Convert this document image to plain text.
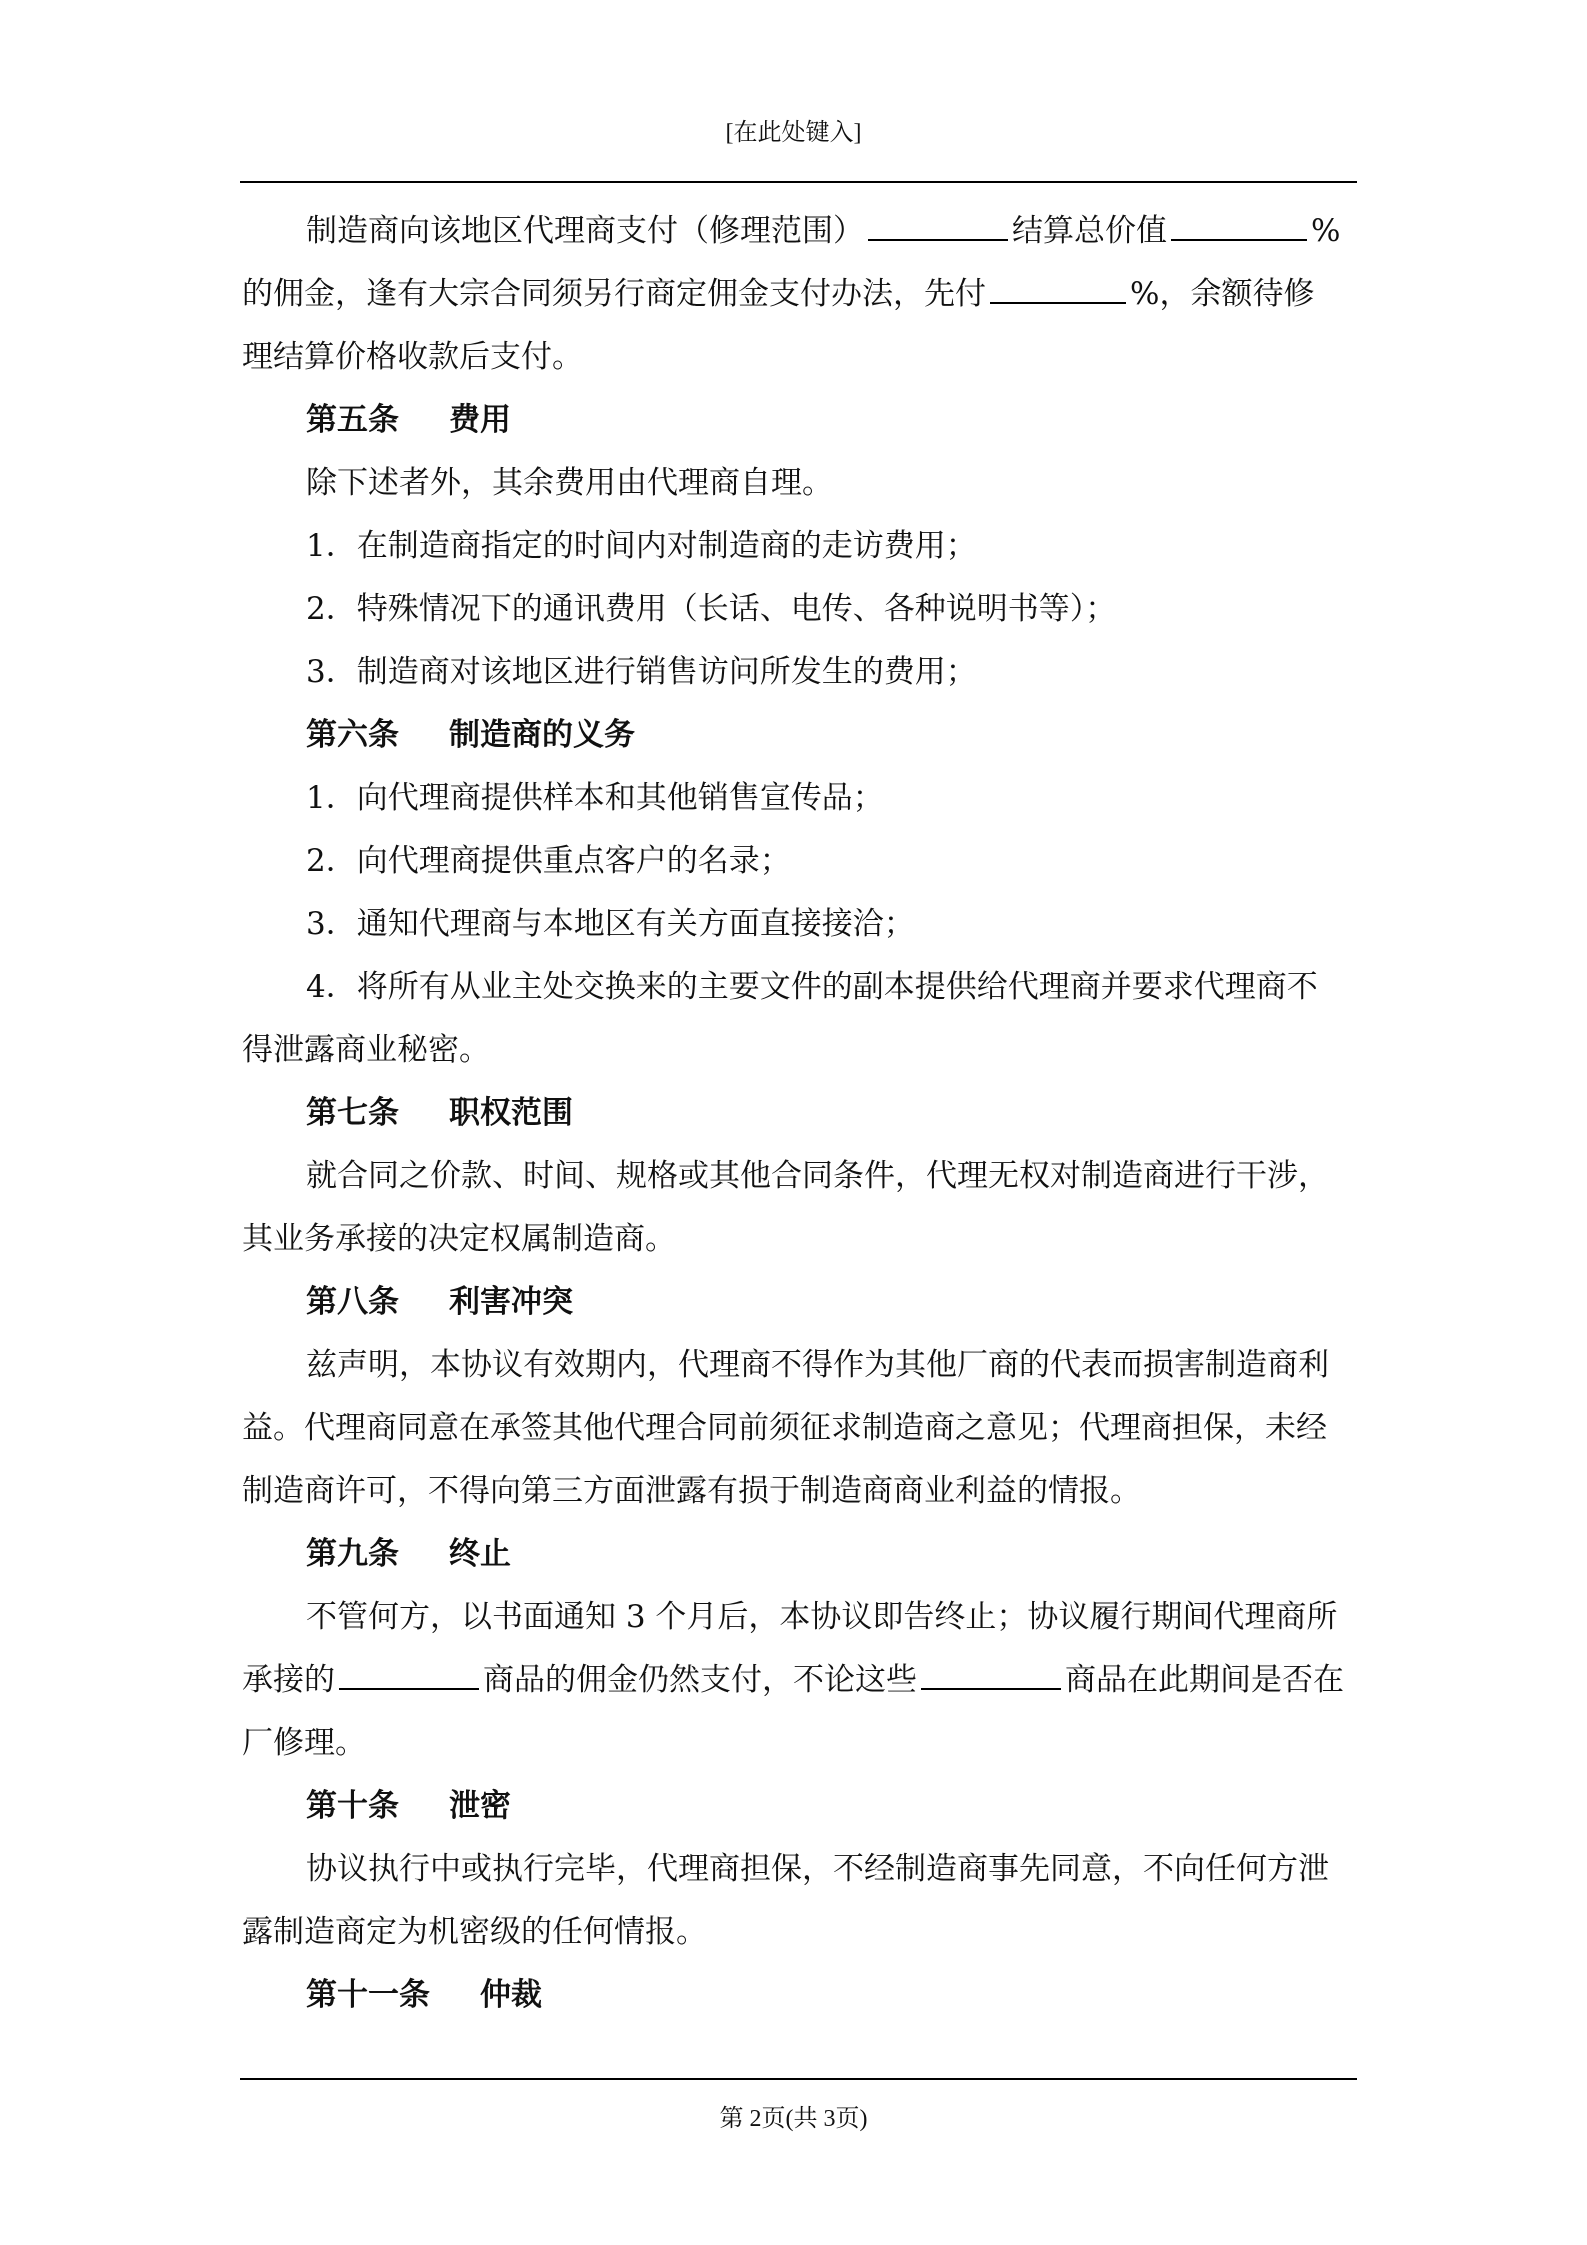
[在此处键入]
制造商向该地区代理商支付（修理范围）	结算总价值	%
的佣金，逢有大宗合同须另行商定佣金支付办法，先付	%，余额待修
理结算价格收款后支付。
第五条 费用
除下述者外，其余费用由代理商自理。
1．在制造商指定的时间内对制造商的走访费用；
2．特殊情况下的通讯费用（长话、电传、各种说明书等）；
3．制造商对该地区进行销售访问所发生的费用；
第六条 制造商的义务
1．向代理商提供样本和其他销售宣传品；
2．向代理商提供重点客户的名录；
3．通知代理商与本地区有关方面直接接洽；
4．将所有从业主处交换来的主要文件的副本提供给代理商并要求代理商不
得泄露商业秘密。
第七条 职权范围
就合同之价款、时间、规格或其他合同条件，代理无权对制造商进行干涉，
其业务承接的决定权属制造商。
第八条 利害冲突
兹声明，本协议有效期内，代理商不得作为其他厂商的代表而损害制造商利
益。代理商同意在承签其他代理合同前须征求制造商之意见；代理商担保，未经
制造商许可，不得向第三方面泄露有损于制造商商业利益的情报。
第九条 终止
不管何方，以书面通知 3 个月后，本协议即告终止；协议履行期间代理商所
承接的	商品的佣金仍然支付，不论这些	商品在此期间是否在
厂修理。
第十条 泄密
协议执行中或执行完毕，代理商担保，不经制造商事先同意，不向任何方泄
露制造商定为机密级的任何情报。
第十一条 仲裁
第 2页(共 3页)
